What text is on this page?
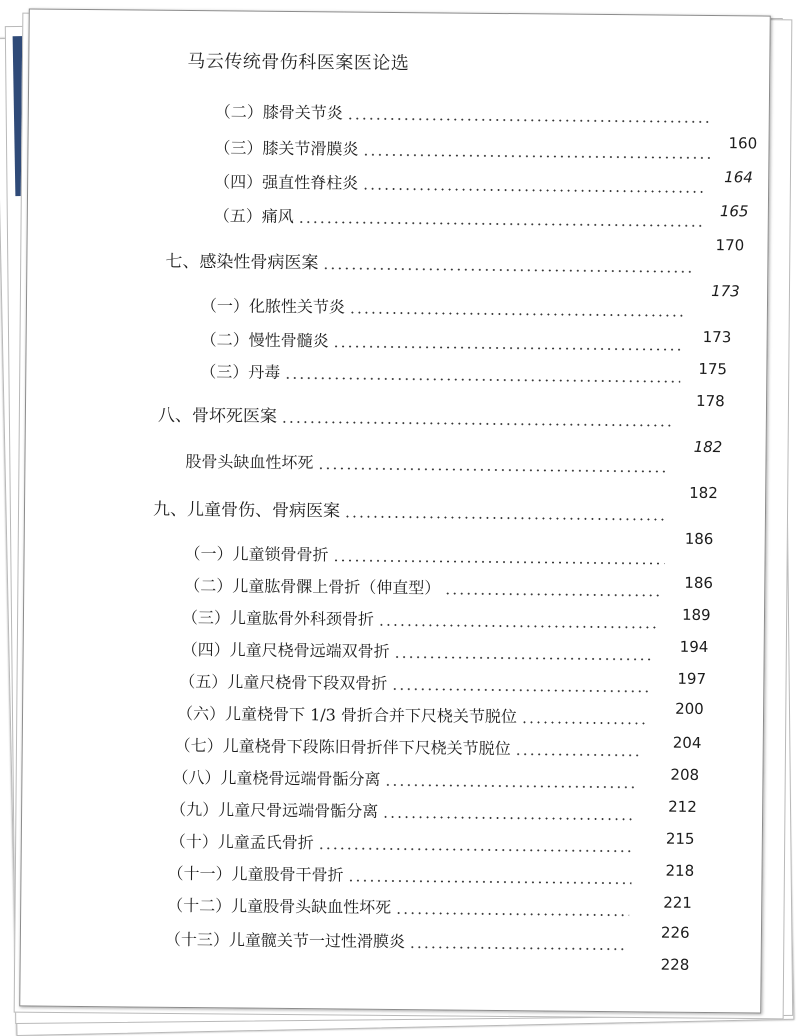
马云传统骨伤科医案医论选
（二）膝骨关节炎
160
（三）膝关节滑膜炎
164
（四）强直性脊柱炎
165
（五）痛风
170
七、感染性骨病医案
173
（一）化脓性关节炎
173
（二）慢性骨髓炎
175
（三）丹毒
178
八、骨坏死医案
182
股骨头缺血性坏死
182
九、儿童骨伤、骨病医案
186
（一）儿童锁骨骨折
186
（二）儿童肱骨髁上骨折（伸直型）
189
（三）儿童肱骨外科颈骨折
194
（四）儿童尺桡骨远端双骨折
197
（五）儿童尺桡骨下段双骨折
200
（六）儿童桡骨下 1/3 骨折合并下尺桡关节脱位
204
（七）儿童桡骨下段陈旧骨折伴下尺桡关节脱位
208
（八）儿童桡骨远端骨骺分离
212
（九）儿童尺骨远端骨骺分离
215
（十）儿童孟氏骨折
218
（十一）儿童股骨干骨折
221
（十二）儿童股骨头缺血性坏死
226
（十三）儿童髋关节一过性滑膜炎
228
